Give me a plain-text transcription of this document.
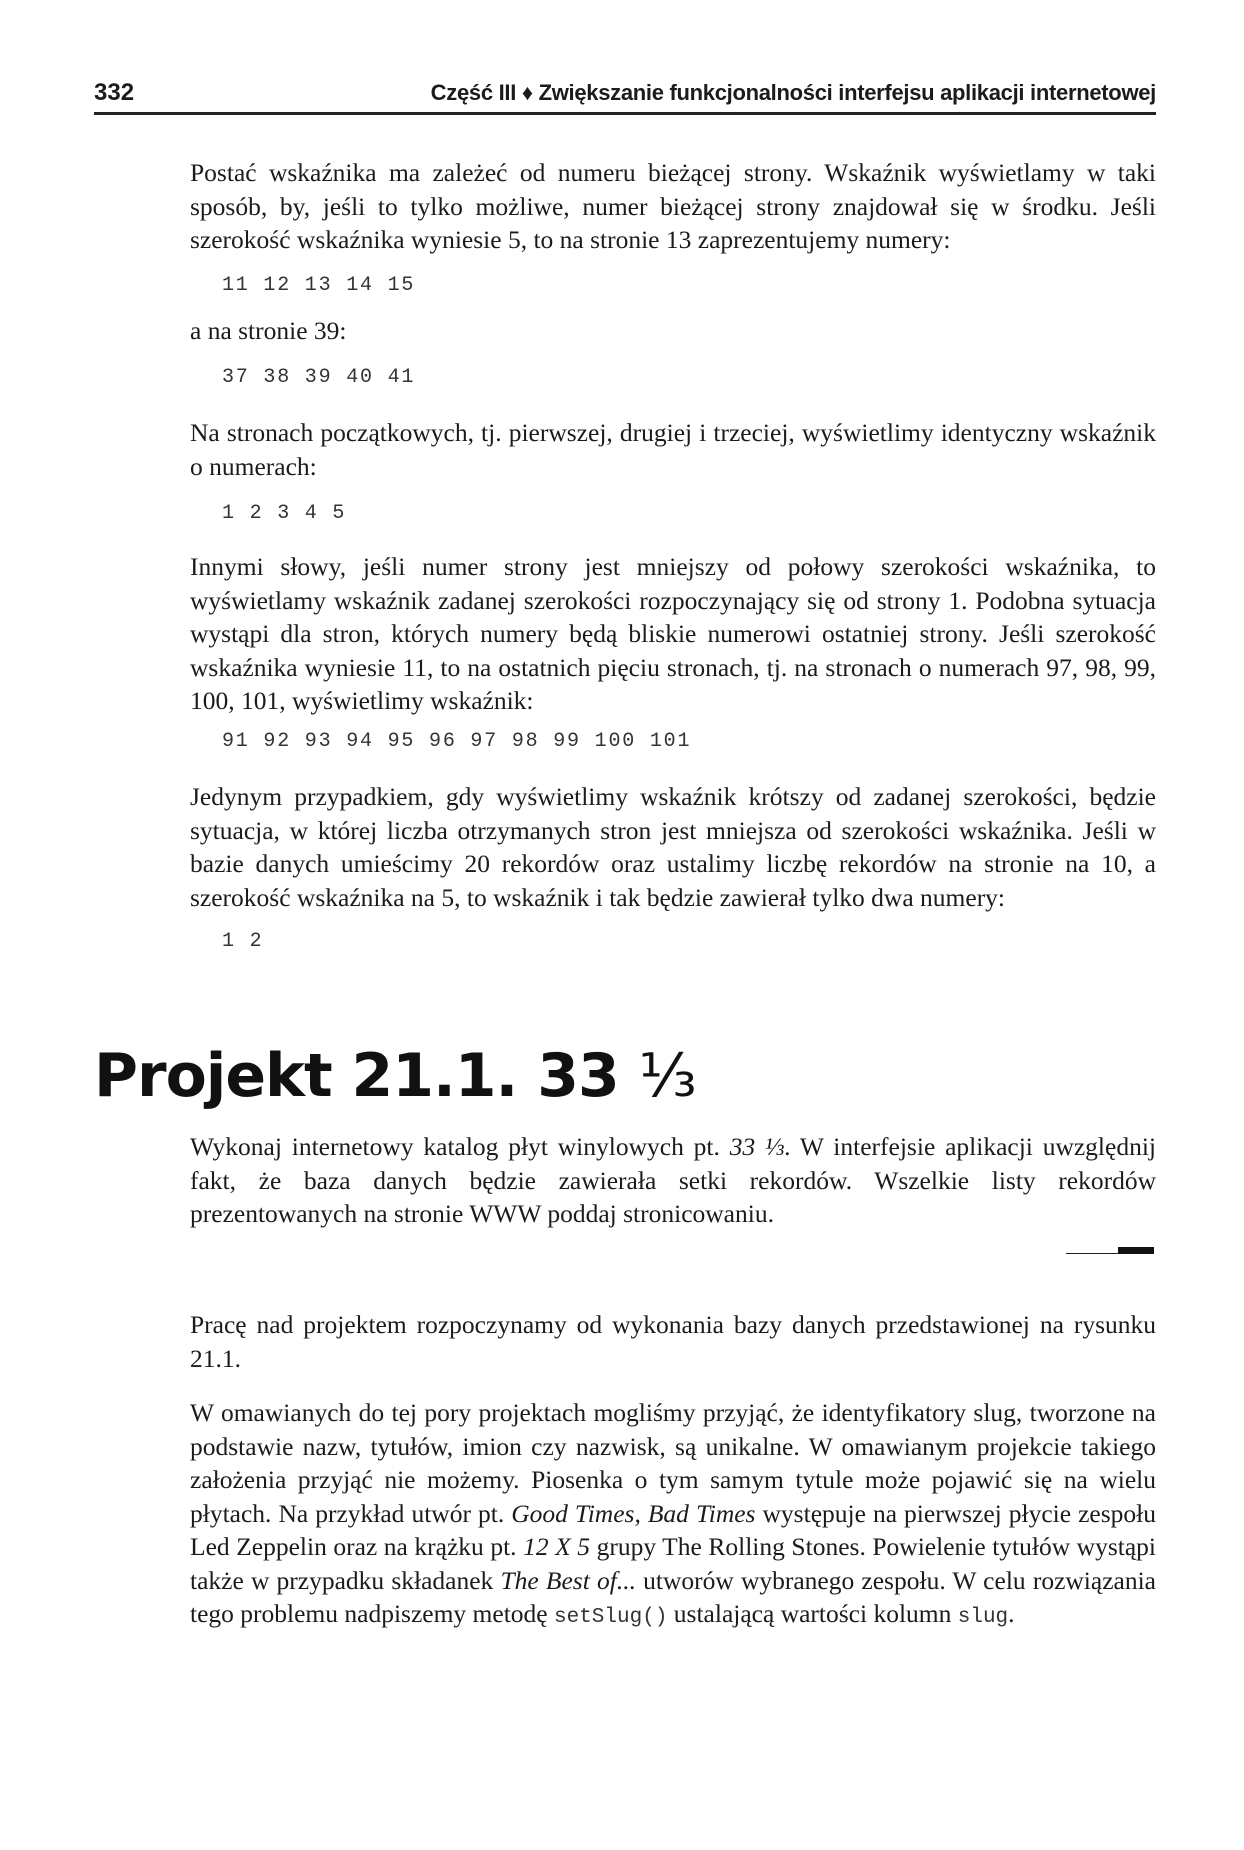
332	Część III ♦ Zwiększanie funkcjonalności interfejsu aplikacji internetowej

Postać wskaźnika ma zależeć od numeru bieżącej strony. Wskaźnik wyświetlamy w taki sposób, by, jeśli to tylko możliwe, numer bieżącej strony znajdował się w środku. Jeśli szerokość wskaźnika wyniesie 5, to na stronie 13 zaprezentujemy numery:

11 12 13 14 15

a na stronie 39:

37 38 39 40 41

Na stronach początkowych, tj. pierwszej, drugiej i trzeciej, wyświetlimy identyczny wskaźnik o numerach:

1 2 3 4 5

Innymi słowy, jeśli numer strony jest mniejszy od połowy szerokości wskaźnika, to wyświetlamy wskaźnik zadanej szerokości rozpoczynający się od strony 1. Podobna sytuacja wystąpi dla stron, których numery będą bliskie numerowi ostatniej strony. Jeśli szerokość wskaźnika wyniesie 11, to na ostatnich pięciu stronach, tj. na stronach o numerach 97, 98, 99, 100, 101, wyświetlimy wskaźnik:

91 92 93 94 95 96 97 98 99 100 101

Jedynym przypadkiem, gdy wyświetlimy wskaźnik krótszy od zadanej szerokości, będzie sytuacja, w której liczba otrzymanych stron jest mniejsza od szerokości wskaźnika. Jeśli w bazie danych umieścimy 20 rekordów oraz ustalimy liczbę rekordów na stronie na 10, a szerokość wskaźnika na 5, to wskaźnik i tak będzie zawierał tylko dwa numery:

1 2
Projekt 21.1. 33 ⅓

Wykonaj internetowy katalog płyt winylowych pt. 33 ⅓. W interfejsie aplikacji uwzględnij fakt, że baza danych będzie zawierała setki rekordów. Wszelkie listy rekordów prezentowanych na stronie WWW poddaj stronicowaniu.

Pracę nad projektem rozpoczynamy od wykonania bazy danych przedstawionej na rysunku 21.1.

W omawianych do tej pory projektach mogliśmy przyjąć, że identyfikatory slug, tworzone na podstawie nazw, tytułów, imion czy nazwisk, są unikalne. W omawianym projekcie takiego założenia przyjąć nie możemy. Piosenka o tym samym tytule może pojawić się na wielu płytach. Na przykład utwór pt. Good Times, Bad Times występuje na pierwszej płycie zespołu Led Zeppelin oraz na krążku pt. 12 X 5 grupy The Rolling Stones. Powielenie tytułów wystąpi także w przypadku składanek The Best of... utworów wybranego zespołu. W celu rozwiązania tego problemu nadpiszemy metodę setSlug() ustalającą wartości kolumn slug.
